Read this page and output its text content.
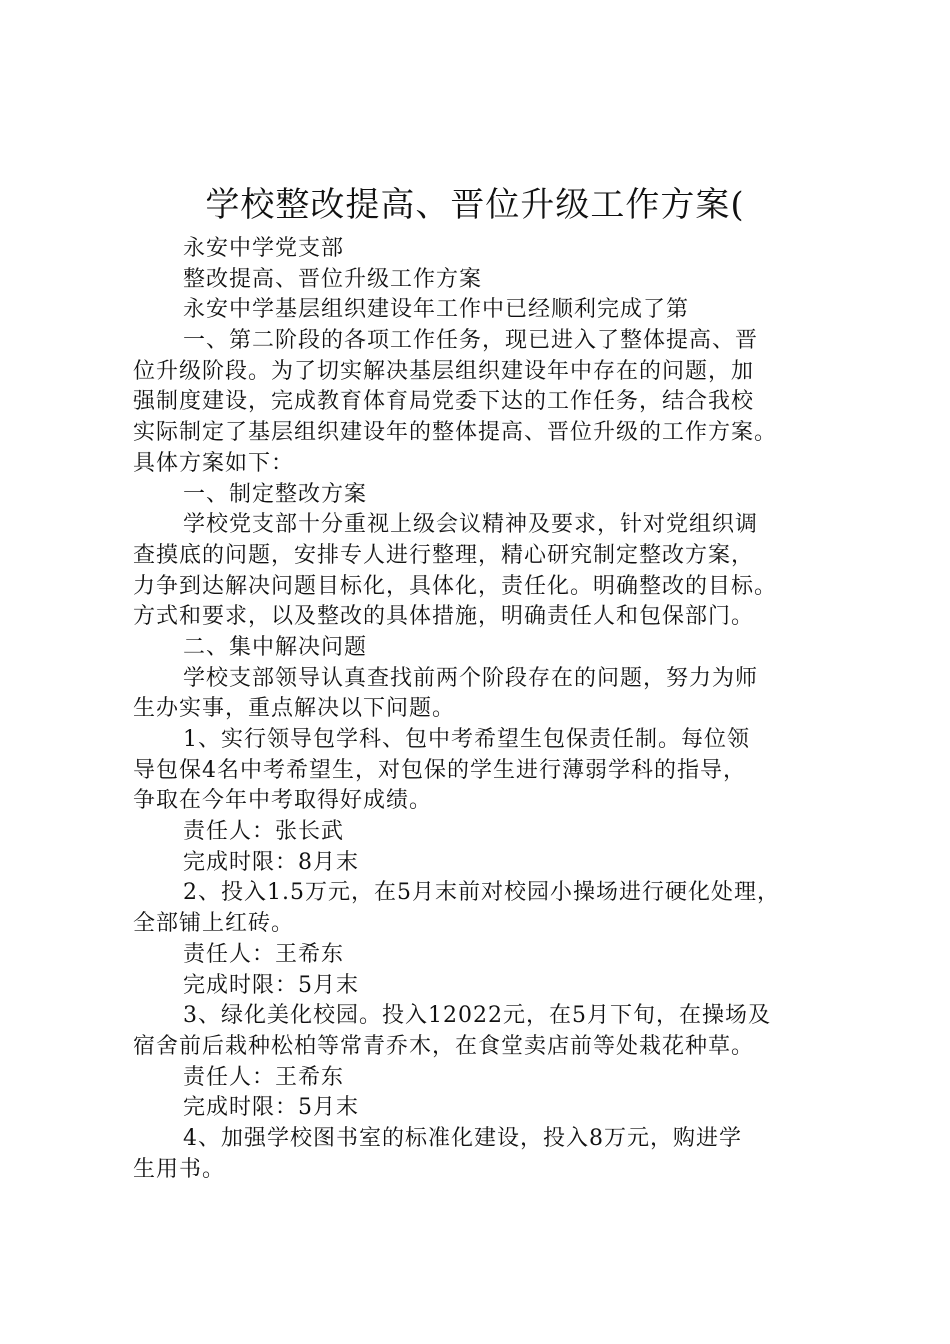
学校整改提高、晋位升级工作方案(
永安中学党支部
整改提高、晋位升级工作方案
永安中学基层组织建设年工作中已经顺利完成了第
一、第二阶段的各项工作任务，现已进入了整体提高、晋
位升级阶段。为了切实解决基层组织建设年中存在的问题，加
强制度建设，完成教育体育局党委下达的工作任务，结合我校
实际制定了基层组织建设年的整体提高、晋位升级的工作方案。
具体方案如下：
一、制定整改方案
学校党支部十分重视上级会议精神及要求，针对党组织调
查摸底的问题，安排专人进行整理，精心研究制定整改方案，
力争到达解决问题目标化，具体化，责任化。明确整改的目标。
方式和要求，以及整改的具体措施，明确责任人和包保部门。
二、集中解决问题
学校支部领导认真查找前两个阶段存在的问题，努力为师
生办实事，重点解决以下问题。
1、实行领导包学科、包中考希望生包保责任制。每位领
导包保4名中考希望生，对包保的学生进行薄弱学科的指导，
争取在今年中考取得好成绩。
责任人：张长武
完成时限：8月末
2、投入1.5万元，在5月末前对校园小操场进行硬化处理，
全部铺上红砖。
责任人：王希东
完成时限：5月末
3、绿化美化校园。投入12022元，在5月下旬，在操场及
宿舍前后栽种松柏等常青乔木，在食堂卖店前等处栽花种草。
责任人：王希东
完成时限：5月末
4、加强学校图书室的标准化建设，投入8万元，购进学
生用书。
